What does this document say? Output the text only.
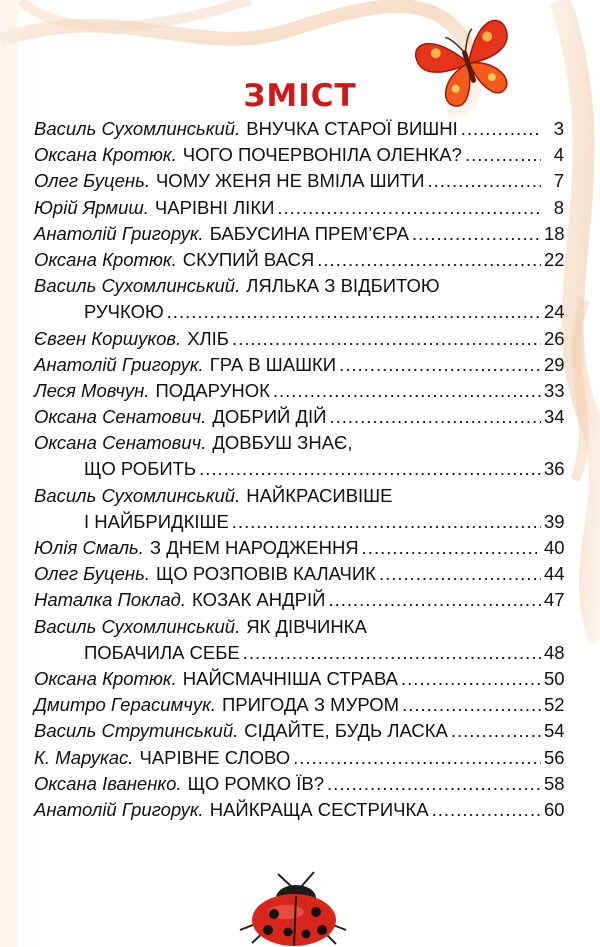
ЗМІСТ
Василь Сухомлинський. ВНУЧКА СТАРОЇ ВИШНІ .....	3
Оксана Кротюк. ЧОГО ПОЧЕРВОНІЛА ОЛЕНКА? .....	4
Олег Буцень. ЧОМУ ЖЕНЯ НЕ ВМІЛА ШИТИ .....	7
Юрій Ярмиш. ЧАРІВНІ ЛІКИ .....	8
Анатолій Григорук. БАБУСИНА ПРЕМ’ЄРА .....	18
Оксана Кротюк. СКУПИЙ ВАСЯ .....	22
Василь Сухомлинський. ЛЯЛЬКА З ВІДБИТОЮ
РУЧКОЮ .....	24
Євген Коршуков. ХЛІБ .....	26
Анатолій Григорук. ГРА В ШАШКИ .....	29
Леся Мовчун. ПОДАРУНОК .....	33
Оксана Сенатович. ДОБРИЙ ДІЙ .....	34
Оксана Сенатович. ДОВБУШ ЗНАЄ,
ЩО РОБИТЬ .....	36
Василь Сухомлинський. НАЙКРАСИВІШЕ
І НАЙБРИДКІШЕ .....	39
Юлія Смаль. З ДНЕМ НАРОДЖЕННЯ .....	40
Олег Буцень. ЩО РОЗПОВІВ КАЛАЧИК .....	44
Наталка Поклад. КОЗАК АНДРІЙ .....	47
Василь Сухомлинський. ЯК ДІВЧИНКА
ПОБАЧИЛА СЕБЕ .....	48
Оксана Кротюк. НАЙСМАЧНІША СТРАВА .....	50
Дмитро Герасимчук. ПРИГОДА З МУРОМ .....	52
Василь Струтинський. СІДАЙТЕ, БУДЬ ЛАСКА .....	54
К. Марукас. ЧАРІВНЕ СЛОВО .....	56
Оксана Іваненко. ЩО РОМКО ЇВ? .....	58
Анатолій Григорук. НАЙКРАЩА СЕСТРИЧКА .....	60
